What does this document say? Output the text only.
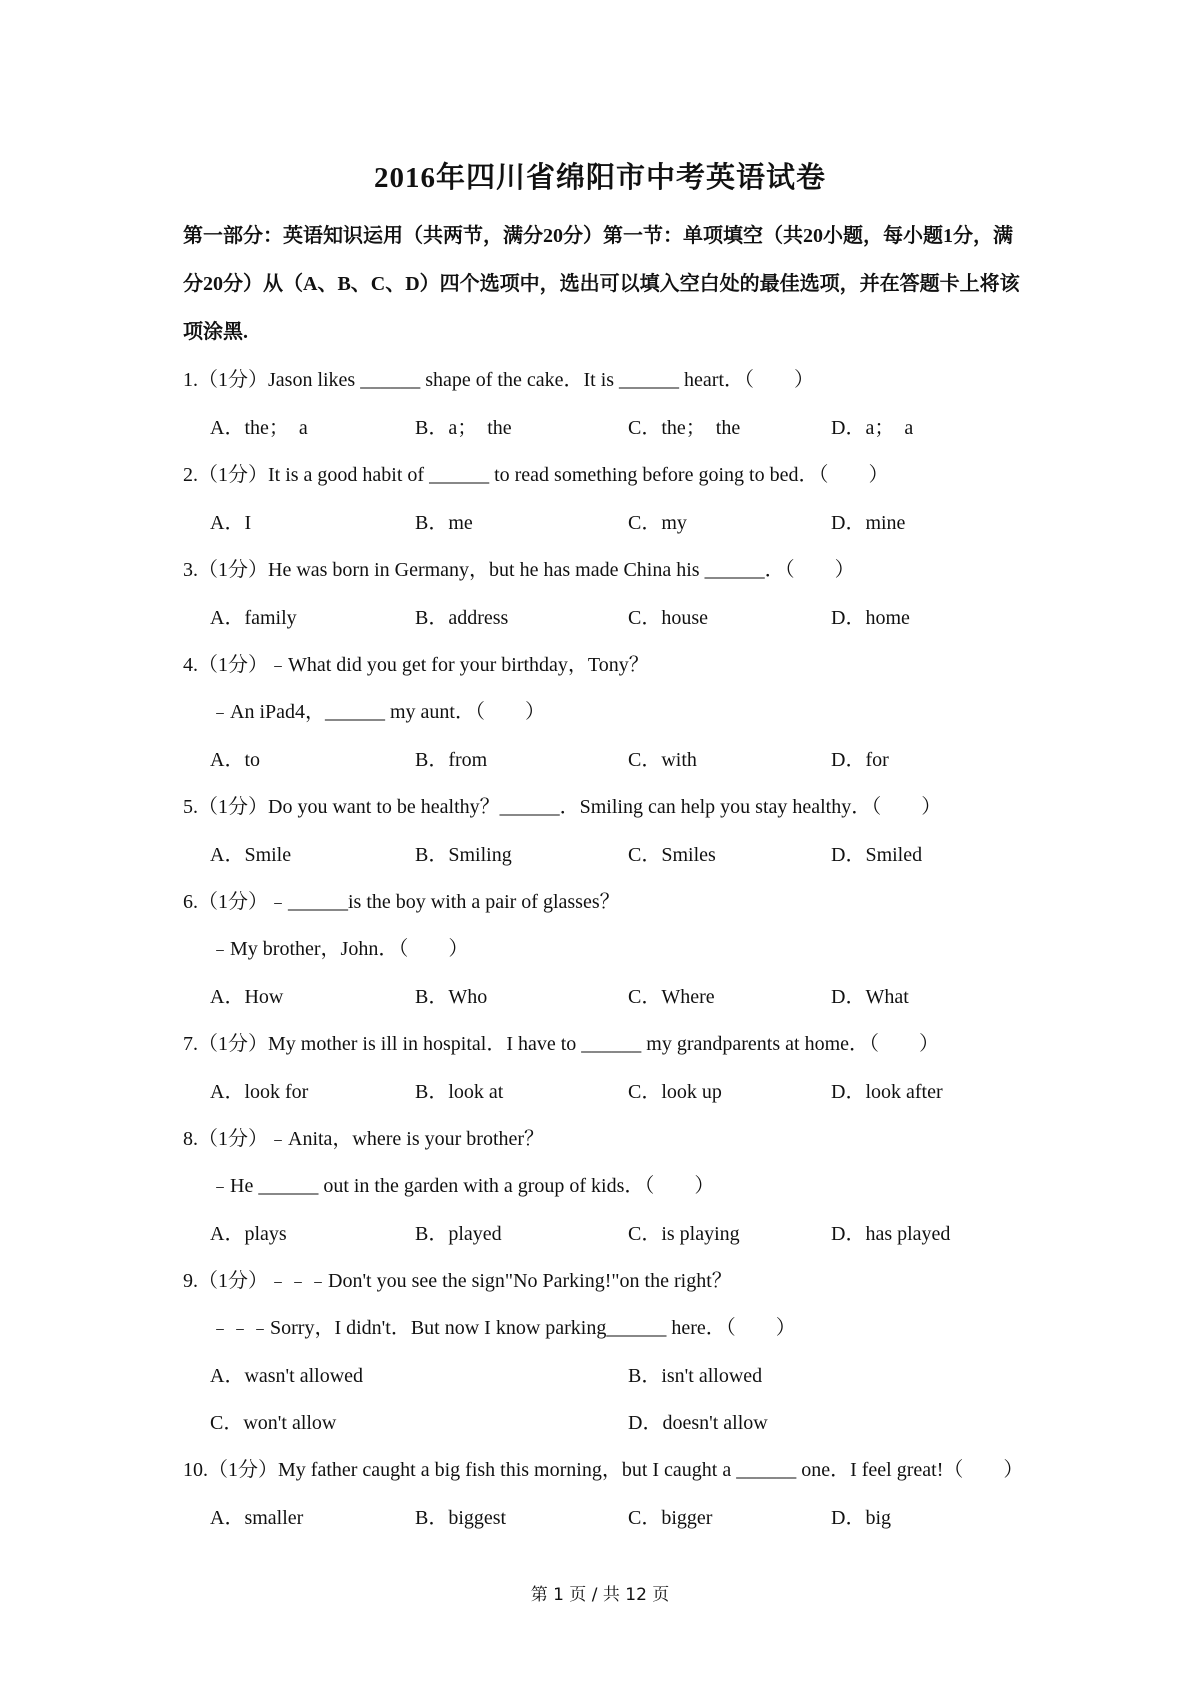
2016年四川省绵阳市中考英语试卷
第一部分：英语知识运用（共两节，满分20分）第一节：单项填空（共20小题，每小题1分，满分20分）从（A、B、C、D）四个选项中，选出可以填入空白处的最佳选项，并在答题卡上将该项涂黑.
1.（1分）Jason likes ______ shape of the cake．It is ______ heart．（　　）
A．the；　a	B．a；　the	C．the；　the	D．a；　a
2.（1分）It is a good habit of ______ to read something before going to bed．（　　）
A．I	B．me	C．my	D．mine
3.（1分）He was born in Germany，but he has made China his ______．（　　）
A．family	B．address	C．house	D．home
4.（1分）﹣What did you get for your birthday，Tony？
﹣An iPad4，______ my aunt．（　　）
A．to	B．from	C．with	D．for
5.（1分）Do you want to be healthy？______．Smiling can help you stay healthy．（　　）
A．Smile	B．Smiling	C．Smiles	D．Smiled
6.（1分）﹣______is the boy with a pair of glasses？
﹣My brother，John．（　　）
A．How	B．Who	C．Where	D．What
7.（1分）My mother is ill in hospital．I have to ______ my grandparents at home．（　　）
A．look for	B．look at	C．look up	D．look after
8.（1分）﹣Anita，where is your brother？
﹣He ______ out in the garden with a group of kids．（　　）
A．plays	B．played	C．is playing	D．has played
9.（1分）﹣﹣﹣Don't you see the sign"No Parking!"on the right？
﹣﹣﹣Sorry，I didn't．But now I know parking______ here．（　　）
A．wasn't allowed	B．isn't allowed
C．won't allow	D．doesn't allow
10.（1分）My father caught a big fish this morning，but I caught a ______ one．I feel great!（　　）
A．smaller	B．biggest	C．bigger	D．big
第 1 页 / 共 12 页
